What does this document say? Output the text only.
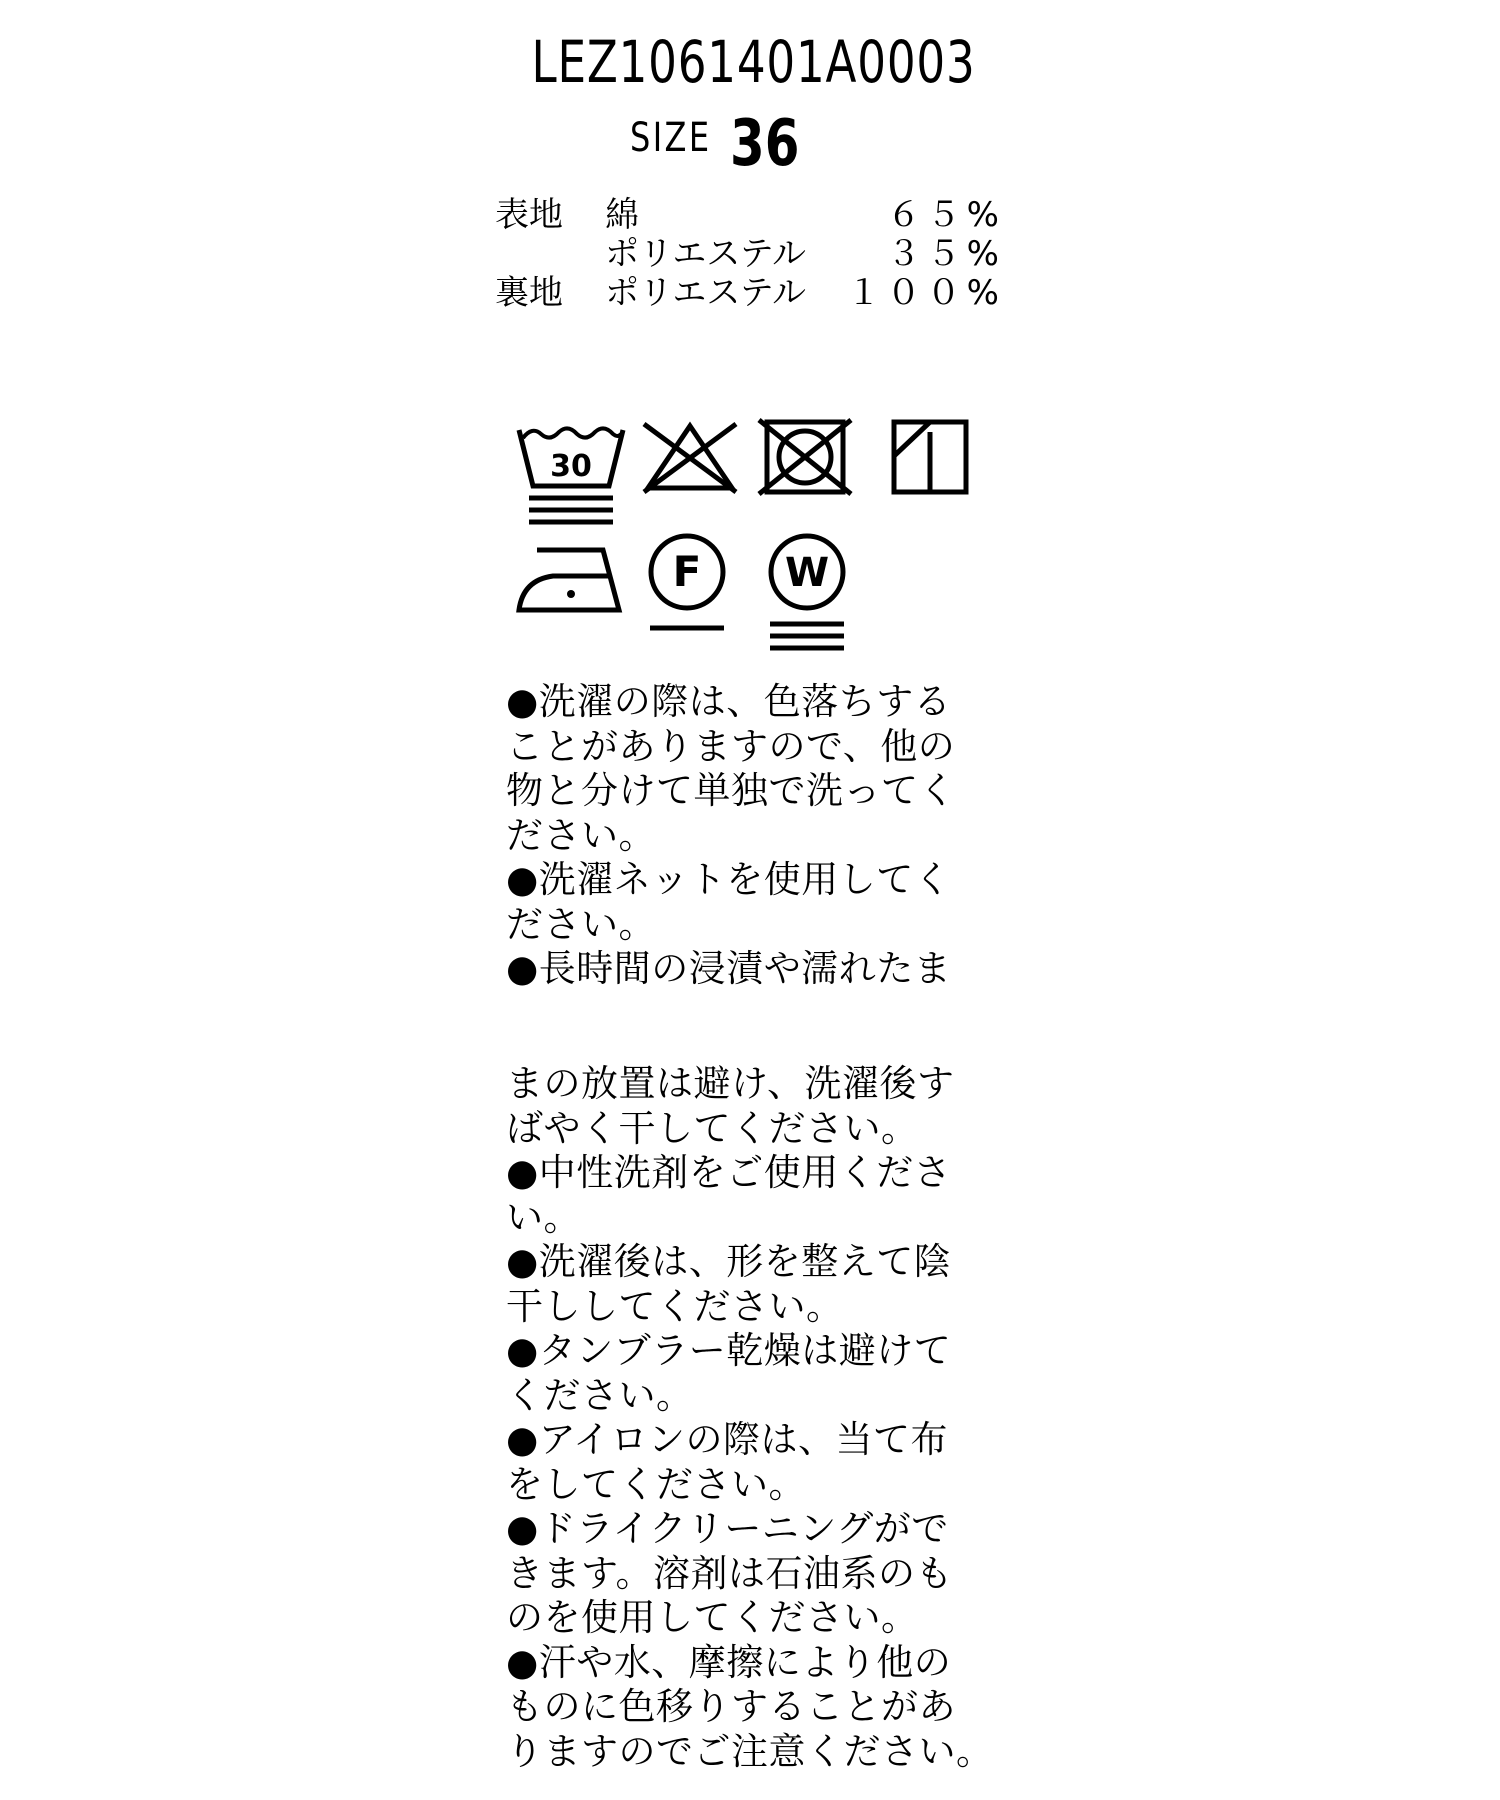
LEZ1061401A0003
SIZE 36
表地 綿	６５%
ポリエステル ３５%
裏地 ポリエステル １００%
30
F W
●洗濯の際は、色落ちする
ことがありますので、他の
物と分けて単独で洗ってく
ださい。
●洗濯ネットを使用してく
ださい。
●長時間の浸漬や濡れたま
まの放置は避け、洗濯後す
ばやく干してください。
●中性洗剤をご使用くださ
い。
●洗濯後は、形を整えて陰
干ししてください。
●タンブラー乾燥は避けて
ください。
●アイロンの際は、当て布
をしてください。
●ドライクリーニングがで
きます。溶剤は石油系のも
のを使用してください。
●汗や水、摩擦により他の
ものに色移りすることがあ
りますのでご注意ください。
